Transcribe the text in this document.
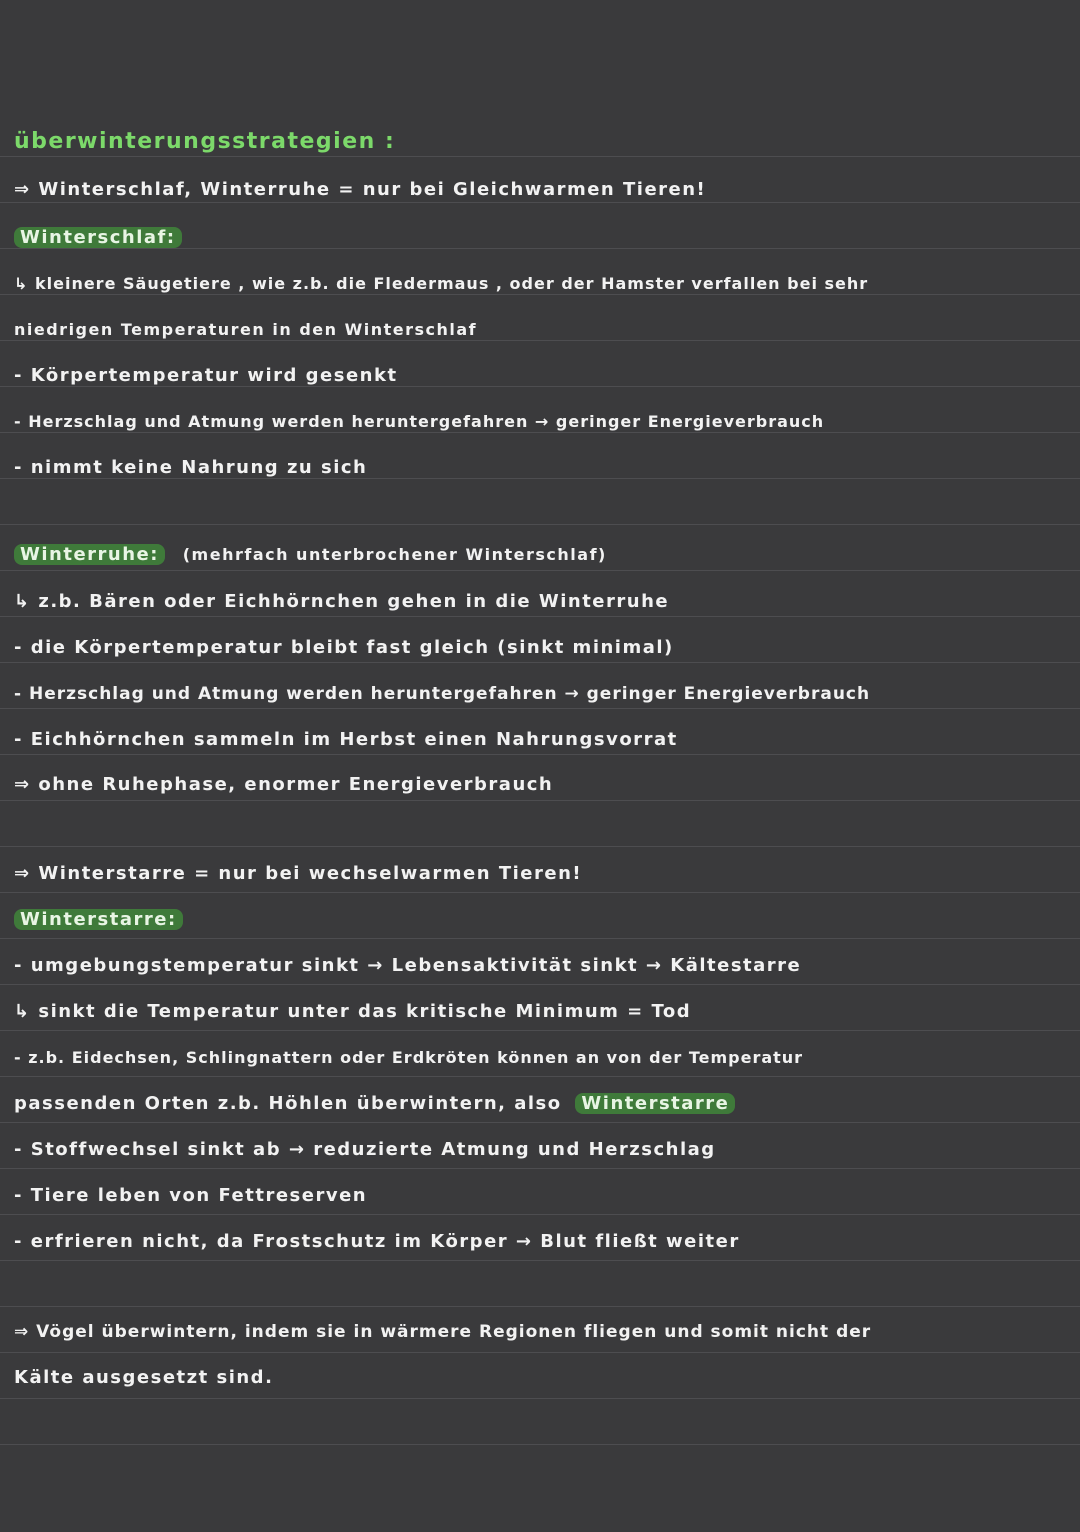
überwinterungsstrategien :
⇒ Winterschlaf, Winterruhe = nur bei Gleichwarmen Tieren!
Winterschlaf:
↳ kleinere Säugetiere , wie z.b. die Fledermaus , oder der Hamster verfallen bei sehr
niedrigen Temperaturen in den Winterschlaf
- Körpertemperatur wird gesenkt
- Herzschlag und Atmung werden heruntergefahren → geringer Energieverbrauch
- nimmt keine Nahrung zu sich
Winterruhe: (mehrfach unterbrochener Winterschlaf)
↳ z.b. Bären oder Eichhörnchen gehen in die Winterruhe
- die Körpertemperatur bleibt fast gleich (sinkt minimal)
- Herzschlag und Atmung werden heruntergefahren → geringer Energieverbrauch
- Eichhörnchen sammeln im Herbst einen Nahrungsvorrat
⇒ ohne Ruhephase, enormer Energieverbrauch
⇒ Winterstarre = nur bei wechselwarmen Tieren!
Winterstarre:
- umgebungstemperatur sinkt → Lebensaktivität sinkt → Kältestarre
↳ sinkt die Temperatur unter das kritische Minimum = Tod
- z.b. Eidechsen, Schlingnattern oder Erdkröten können an von der Temperatur
passenden Orten z.b. Höhlen überwintern, also Winterstarre
- Stoffwechsel sinkt ab → reduzierte Atmung und Herzschlag
- Tiere leben von Fettreserven
- erfrieren nicht, da Frostschutz im Körper → Blut fließt weiter
⇒ Vögel überwintern, indem sie in wärmere Regionen fliegen und somit nicht der
Kälte ausgesetzt sind.
